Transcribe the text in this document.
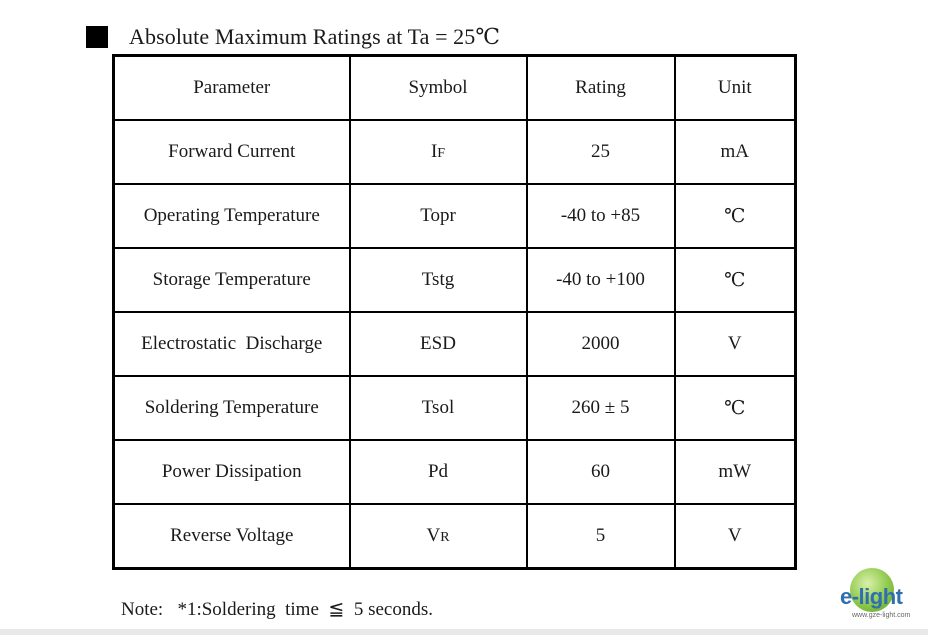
Absolute Maximum Ratings at Ta = 25℃
Parameter	Symbol	Rating	Unit
Forward Current	IF	25	mA
Operating Temperature	Topr	-40 to +85	℃
Storage Temperature	Tstg	-40 to +100	℃
Electrostatic  Discharge	ESD	2000	V
Soldering Temperature	Tsol	260 ± 5	℃
Power Dissipation	Pd	60	mW
Reverse Voltage	VR	5	V
Note:   *1:Soldering  time  ≦  5 seconds.
e-light
www.gze-light.com
